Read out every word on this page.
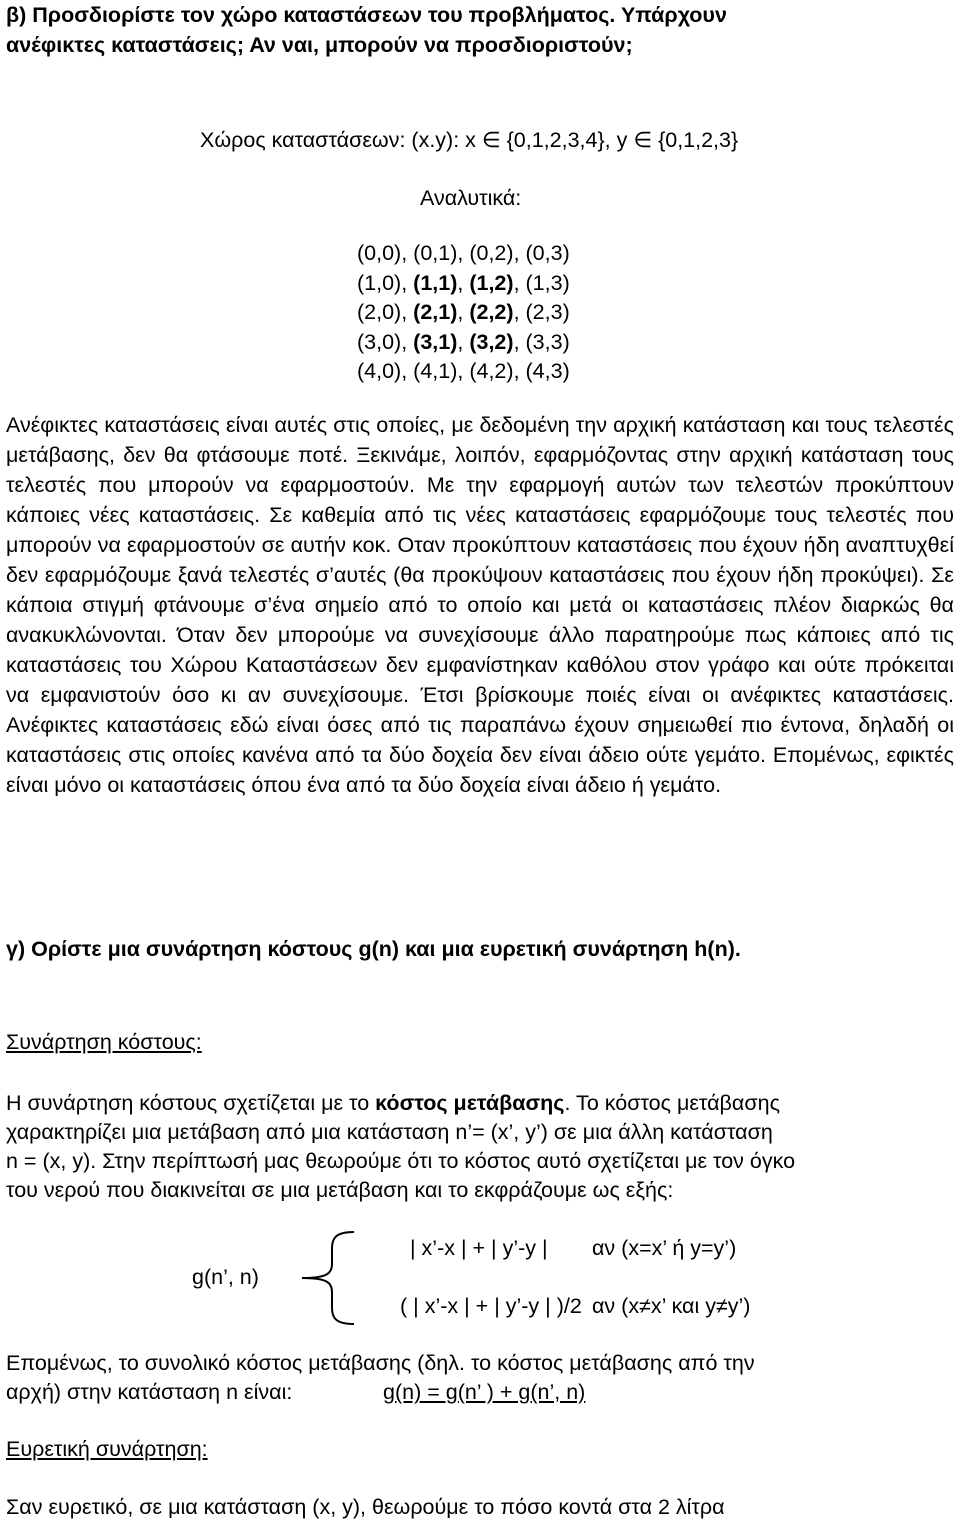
β) Προσδιορίστε τον χώρο καταστάσεων του προβλήματος. Υπάρχουν
ανέφικτες καταστάσεις; Αν ναι, μπορούν να προσδιοριστούν;
Χώρος καταστάσεων: (x.y): x ∈ {0,1,2,3,4}, y ∈ {0,1,2,3}
Αναλυτικά:
(0,0), (0,1), (0,2), (0,3)
(1,0), (1,1), (1,2), (1,3)
(2,0), (2,1), (2,2), (2,3)
(3,0), (3,1), (3,2), (3,3)
(4,0), (4,1), (4,2), (4,3)
Ανέφικτες καταστάσεις είναι αυτές στις οποίες, με δεδομένη την αρχική κατάσταση και τους τελεστές μετάβασης, δεν θα φτάσουμε ποτέ. Ξεκινάμε, λοιπόν, εφαρμόζοντας στην αρχική κατάσταση τους τελεστές που μπορούν να εφαρμοστούν. Με την εφαρμογή αυτών των τελεστών προκύπτουν κάποιες νέες καταστάσεις. Σε καθεμία από τις νέες καταστάσεις εφαρμόζουμε τους τελεστές που μπορούν να εφαρμοστούν σε αυτήν κοκ. Οταν προκύπτουν καταστάσεις που έχουν ήδη αναπτυχθεί δεν εφαρμόζουμε ξανά τελεστές σ’αυτές (θα προκύψουν καταστάσεις που έχουν ήδη προκύψει). Σε κάποια στιγμή φτάνουμε σ’ένα σημείο από το οποίο και μετά οι καταστάσεις πλέον διαρκώς θα ανακυκλώνονται. Όταν δεν μπορούμε να συνεχίσουμε άλλο παρατηρούμε πως κάποιες από τις καταστάσεις του Χώρου Καταστάσεων δεν εμφανίστηκαν καθόλου στον γράφο και ούτε πρόκειται να εμφανιστούν όσο κι αν συνεχίσουμε. Έτσι βρίσκουμε ποιές είναι οι ανέφικτες καταστάσεις. Ανέφικτες καταστάσεις εδώ είναι όσες από τις παραπάνω έχουν σημειωθεί πιο έντονα, δηλαδή οι καταστάσεις στις οποίες κανένα από τα δύο δοχεία δεν είναι άδειο ούτε γεμάτο. Επομένως, εφικτές είναι μόνο οι καταστάσεις όπου ένα από τα δύο δοχεία είναι άδειο ή γεμάτο.
γ) Ορίστε μια συνάρτηση κόστους g(n) και μια ευρετική συνάρτηση h(n).
Συνάρτηση κόστους:
Η συνάρτηση κόστους σχετίζεται με το κόστος μετάβασης. Το κόστος μετάβασης
χαρακτηρίζει μια μετάβαση από μια κατάσταση n’= (x’, y’) σε μια άλλη κατάσταση
n = (x, y). Στην περίπτωσή μας θεωρούμε ότι το κόστος αυτό σχετίζεται με τον όγκο
του νερού που διακινείται σε μια μετάβαση και το εκφράζουμε ως εξής:
g(n’, n)
| x’-x | + | y’-y | αν (x=x’ ή y=y’)
( | x’-x | + | y’-y | )/2 αν (x≠x’ και y≠y’)
Επομένως, το συνολικό κόστος μετάβασης (δηλ. το κόστος μετάβασης από την
αρχή) στην κατάσταση n είναι:	g(n) = g(n’ ) + g(n’, n)
Ευρετική συνάρτηση:
Σαν ευρετικό, σε μια κατάσταση (x, y), θεωρούμε το πόσο κοντά στα 2 λίτρα
